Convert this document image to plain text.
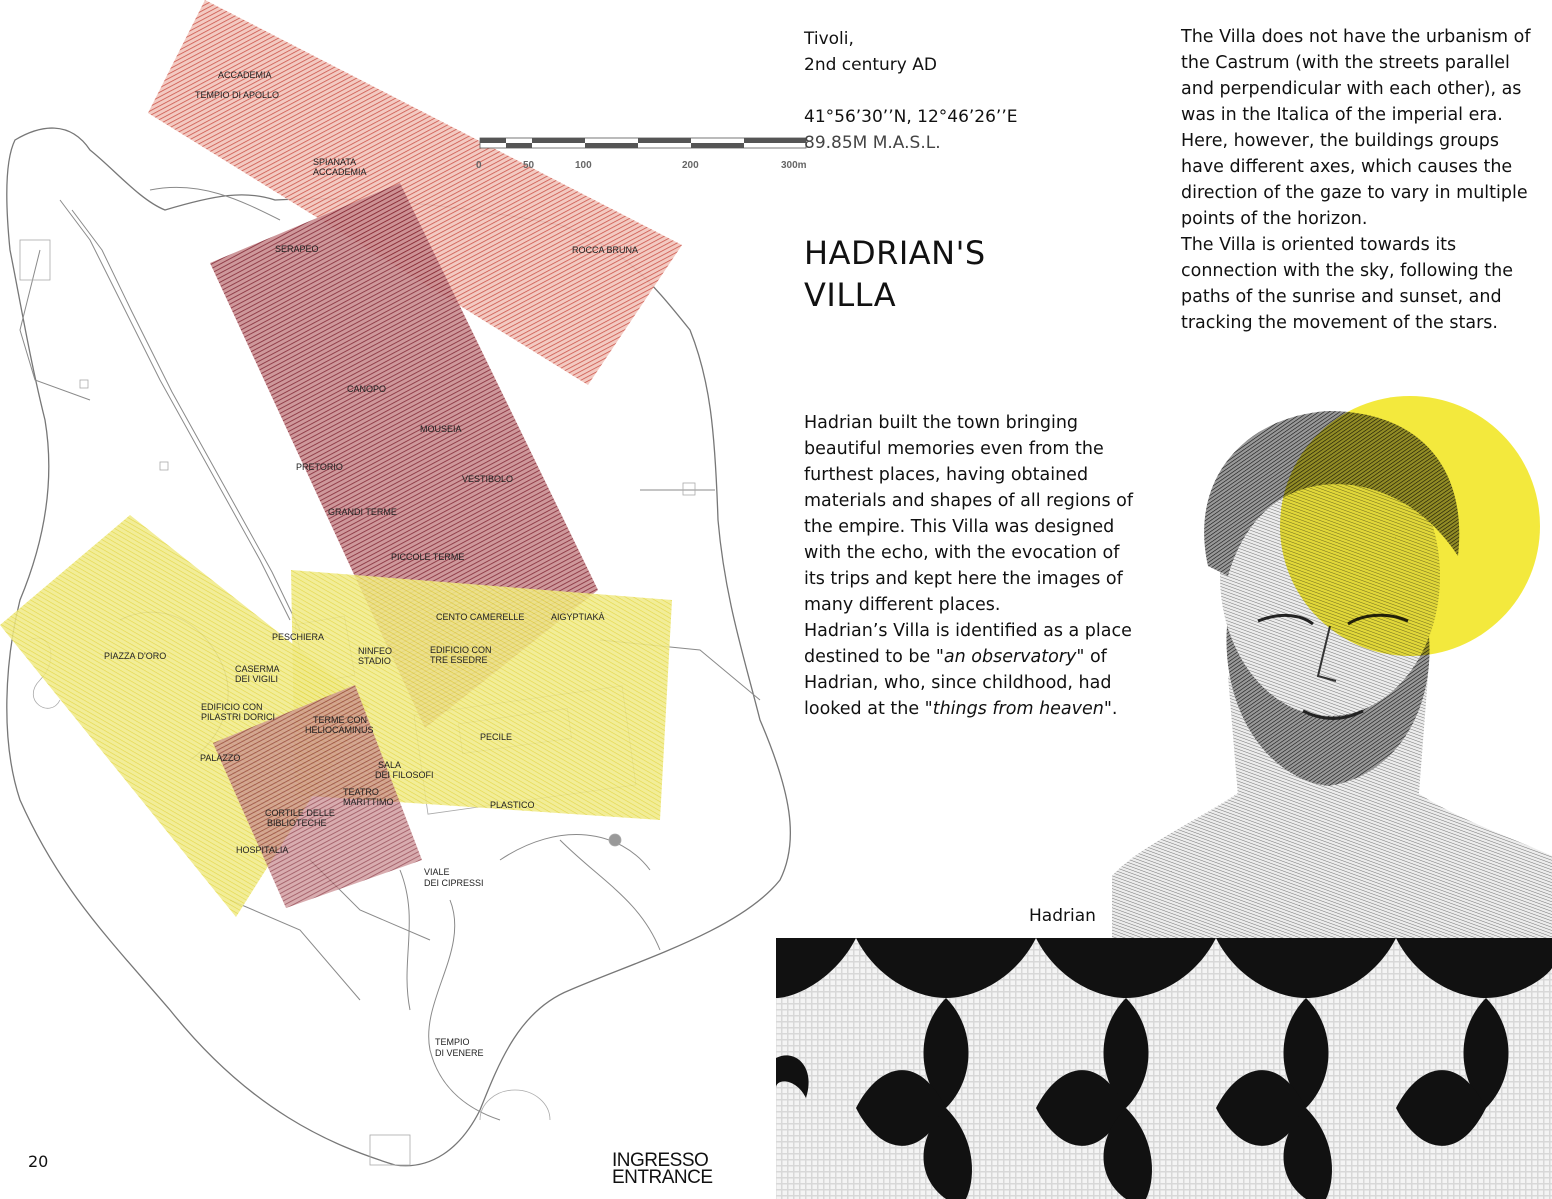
ACCADEMIA
TEMPIO DI APOLLO
SPIANATA
ACCADEMIA
ROCCA BRUNA
SERAPEO
CANOPO
MOUSEIA
PRETORIO
VESTIBOLO
GRANDI TERME
PICCOLE TERME
CENTO CAMERELLE	AIGYPTIAKÀ
PESCHIERA
NINFEO
STADIO
EDIFICIO CON
TRE ESEDRE
PIAZZA D'ORO
CASERMA
DEI VIGILI
EDIFICIO CON
PILASTRI DORICI	TERME CON
HELIOCAMINUS
PECILE
PALAZZO
SALA
DEI FILOSOFI
TEATRO
MARITTIMO	PLASTICO
CORTILE DELLE
BIBLIOTECHE
HOSPITALIA
VIALE
DEI CIPRESSI
TEMPIO
DI VENERE
0	50	100	200	300m
Tivoli,
2nd century AD
41°56’30’’N, 12°46’26’’E
89.85M M.A.S.L.
HADRIAN'S
VILLA

Hadrian built the town bringing beautiful memories even from the furthest places, having obtained materials and shapes of all regions of the empire. This Villa was designed with the echo, with the evocation of its trips and kept here the images of many different places.

Hadrian’s Villa is identified as a place destined to be "an observatory" of Hadrian, who, since childhood, had looked at the "things from heaven".

The Villa does not have the urbanism of the Castrum (with the streets parallel and perpendicular with each other), as was in the Italica of the imperial era. Here, however, the buildings groups have different axes, which causes the direction of the gaze to vary in multiple points of the horizon.

The Villa is oriented towards its connection with the sky, following the paths of the sunrise and sunset, and tracking the movement of the stars.

Hadrian
20	INGRESSO
ENTRANCE
